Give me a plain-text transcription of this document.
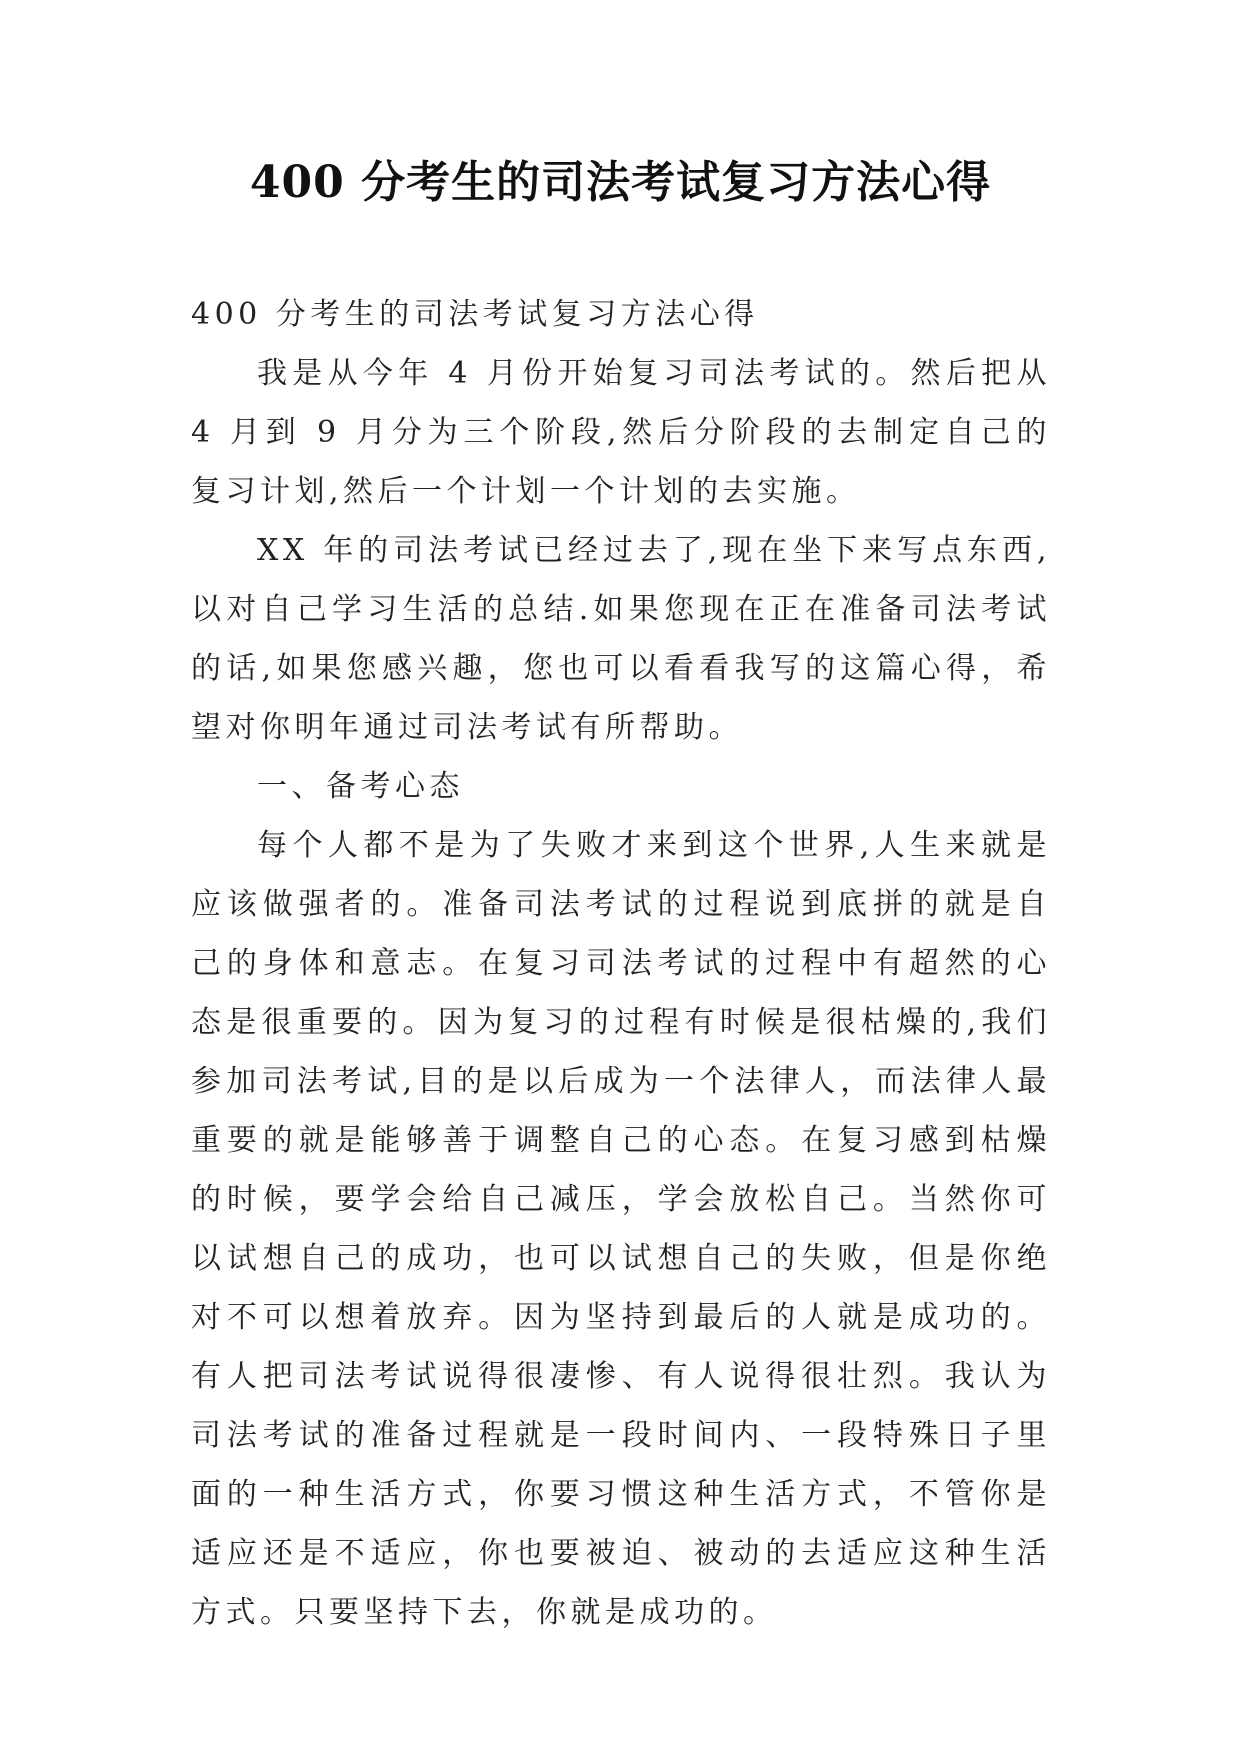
400 分考生的司法考试复习方法心得

400 分考生的司法考试复习方法心得

我是从今年 4 月份开始复习司法考试的。然后把从 4 月到 9 月分为三个阶段,然后分阶段的去制定自己的复习计划,然后一个计划一个计划的去实施。

XX 年的司法考试已经过去了,现在坐下来写点东西,以对自己学习生活的总结.如果您现在正在准备司法考试的话,如果您感兴趣，您也可以看看我写的这篇心得，希望对你明年通过司法考试有所帮助。

一、备考心态

每个人都不是为了失败才来到这个世界,人生来就是应该做强者的。准备司法考试的过程说到底拼的就是自己的身体和意志。在复习司法考试的过程中有超然的心态是很重要的。因为复习的过程有时候是很枯燥的,我们参加司法考试,目的是以后成为一个法律人，而法律人最重要的就是能够善于调整自己的心态。在复习感到枯燥的时候，要学会给自己减压，学会放松自己。当然你可以试想自己的成功，也可以试想自己的失败，但是你绝对不可以想着放弃。因为坚持到最后的人就是成功的。有人把司法考试说得很凄惨、有人说得很壮烈。我认为司法考试的准备过程就是一段时间内、一段特殊日子里面的一种生活方式，你要习惯这种生活方式，不管你是适应还是不适应，你也要被迫、被动的去适应这种生活方式。只要坚持下去，你就是成功的。
